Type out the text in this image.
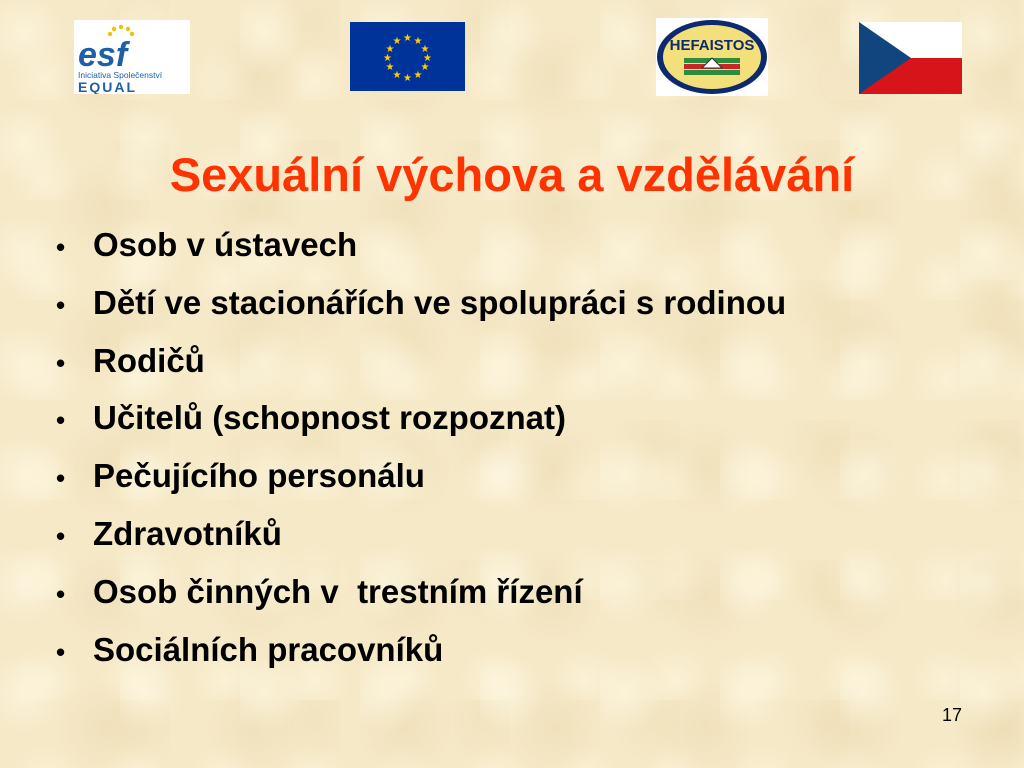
esf
Iniciativa Společenství
EQUAL
★ ★
★
★
★
★
★
★
★
★
★
★	HEFAISTOS
Sexuální výchova a vzdělávání
• Osob v ústavech
• Dětí ve stacionářích ve spolupráci s rodinou
• Rodičů
• Učitelů (schopnost rozpoznat)
• Pečujícího personálu
• Zdravotníků
• Osob činných v  trestním řízení
• Sociálních pracovníků
17
